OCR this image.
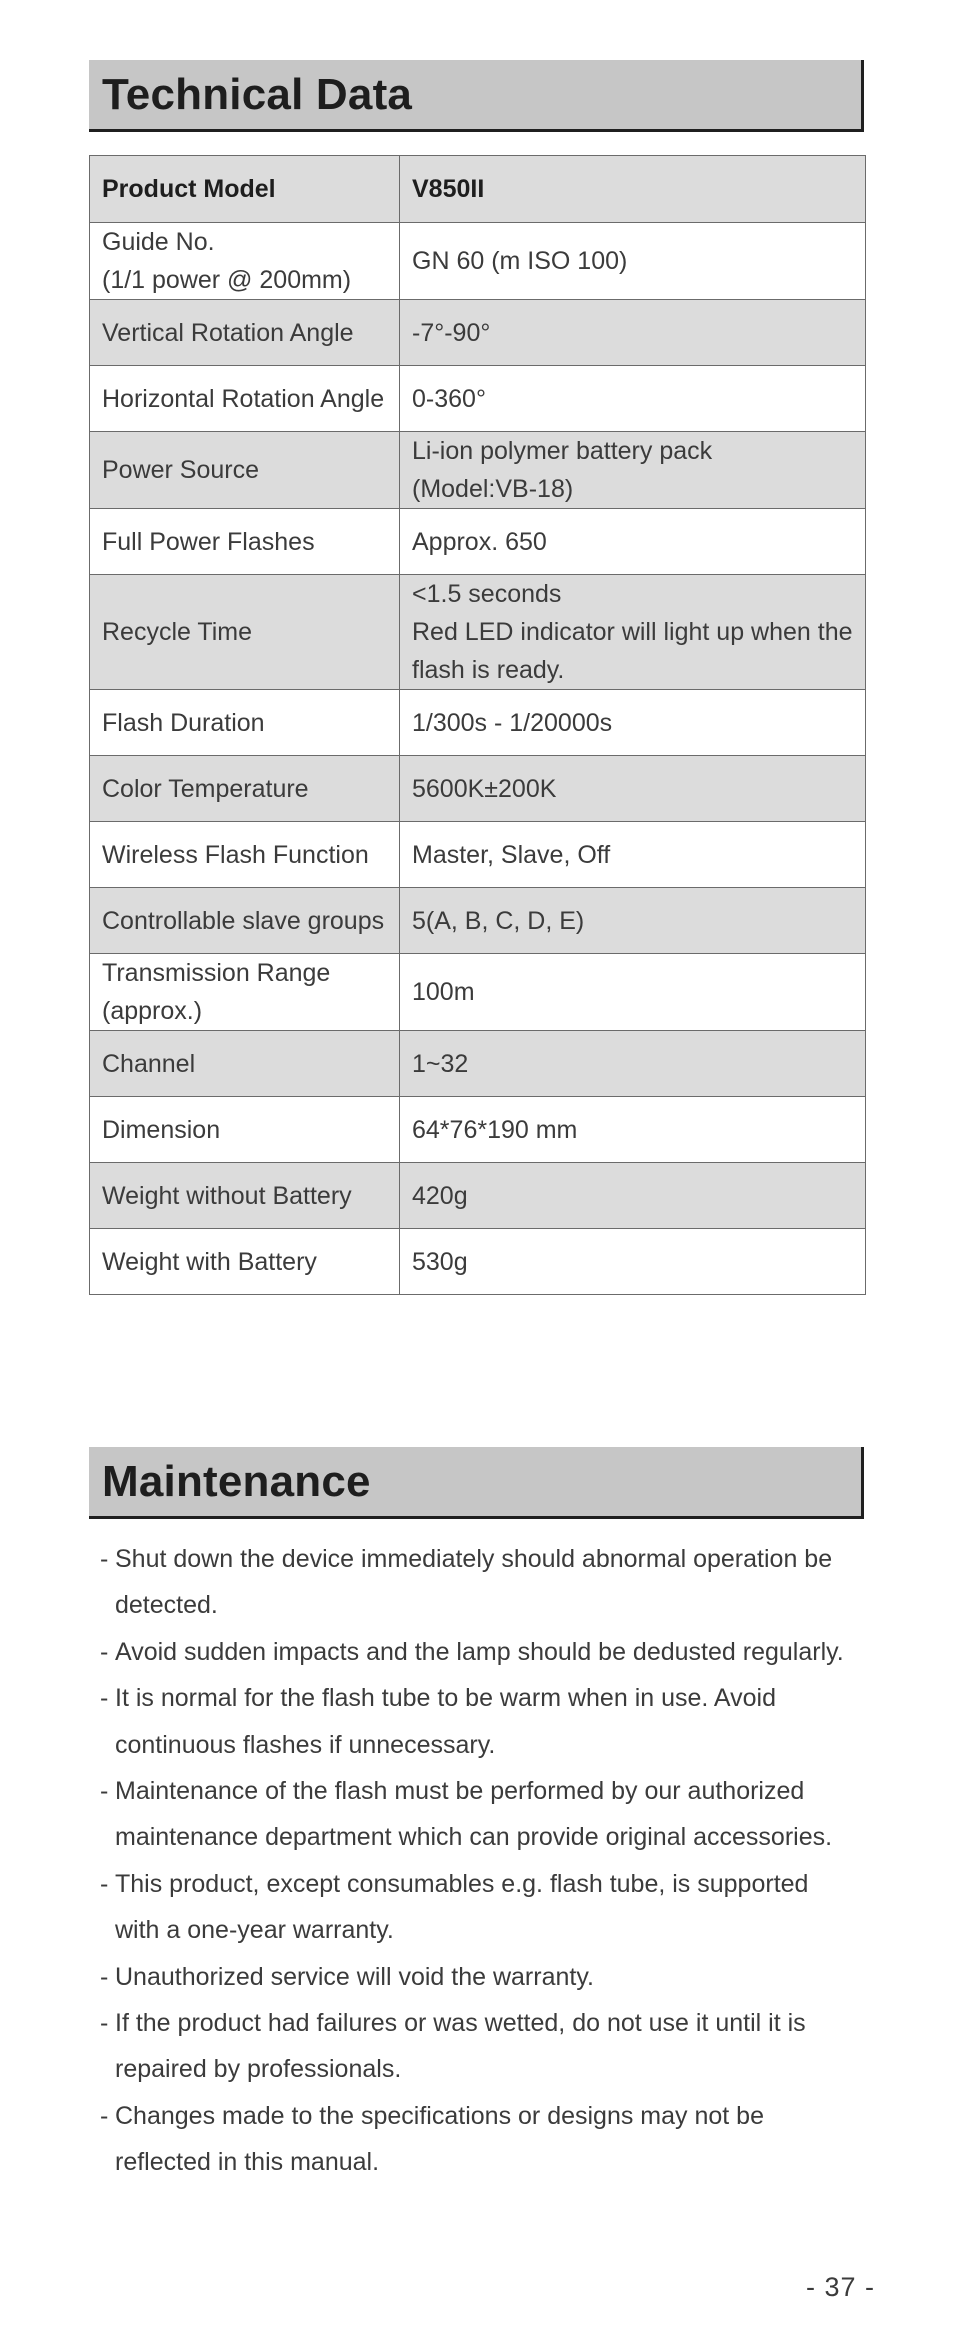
Technical Data
Product Model	V850II

Guide No.
(1/1 power @ 200mm)	GN 60 (m ISO 100)

Vertical Rotation Angle	-7°-90°

Horizontal Rotation Angle	0-360°

Power Source	Li-ion polymer battery pack
(Model:VB-18)

Full Power Flashes	Approx. 650

Recycle Time	<1.5 seconds
Red LED indicator will light up when the
flash is ready.

Flash Duration	1/300s - 1/20000s

Color Temperature	5600K±200K

Wireless Flash Function	Master, Slave, Off

Controllable slave groups	5(A, B, C, D, E)

Transmission Range
(approx.)	100m

Channel	1~32

Dimension	64*76*190 mm

Weight without Battery	420g

Weight with Battery	530g
Maintenance
- Shut down the device immediately should abnormal operation be
detected.
- Avoid sudden impacts and the lamp should be dedusted regularly.
- It is normal for the flash tube to be warm when in use. Avoid
continuous flashes if unnecessary.
- Maintenance of the flash must be performed by our authorized
maintenance department which can provide original accessories.
- This product, except consumables e.g. flash tube, is supported
with a one-year warranty.
- Unauthorized service will void the warranty.
- If the product had failures or was wetted, do not use it until it is
repaired by professionals.
- Changes made to the specifications or designs may not be
reflected in this manual.
- 37 -
